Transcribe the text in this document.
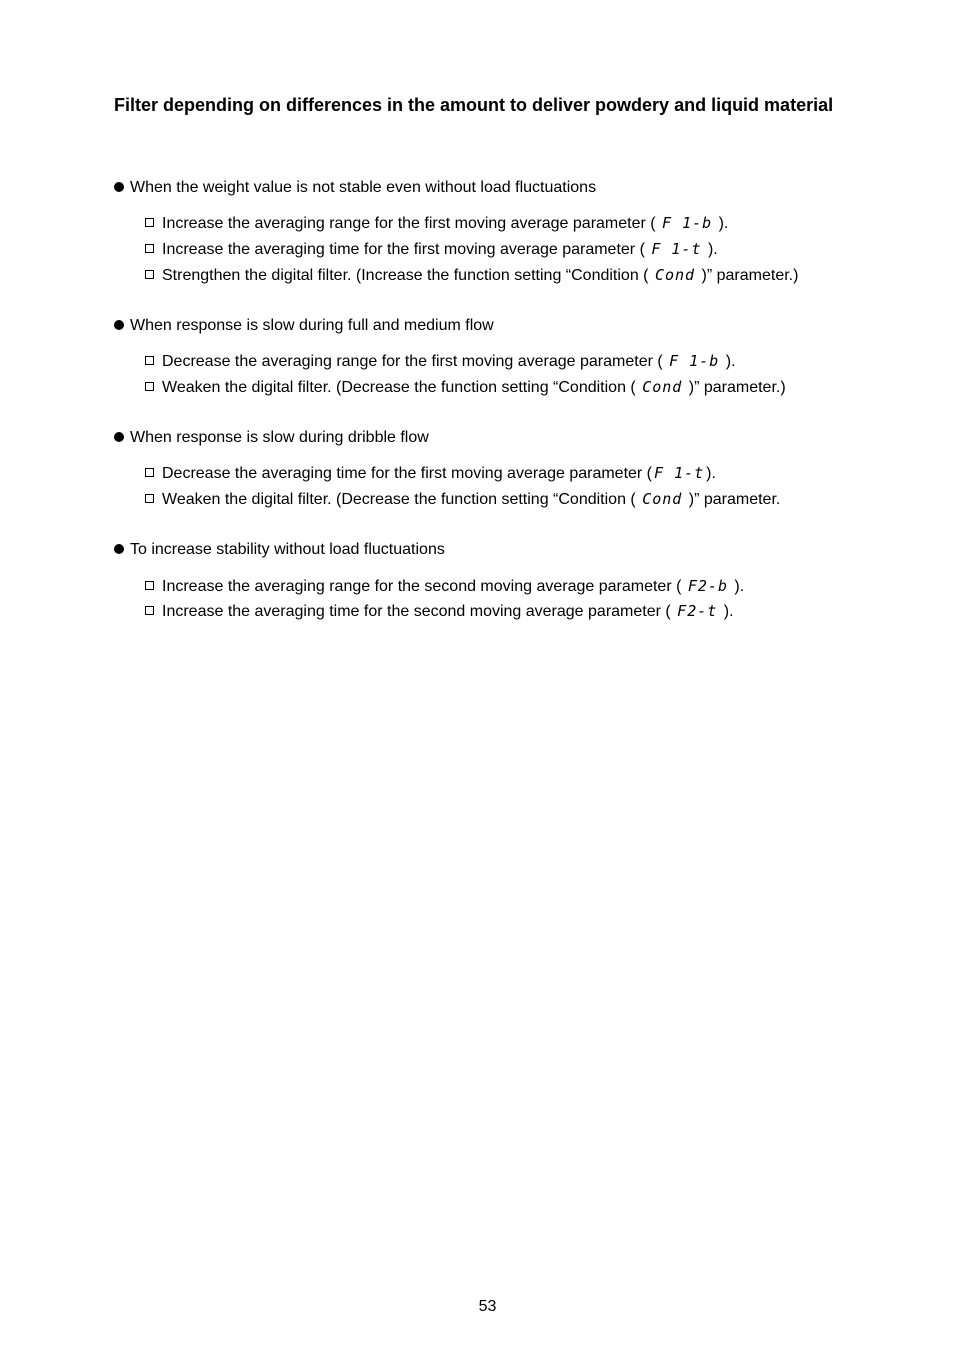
Filter depending on differences in the amount to deliver powdery and liquid material
When the weight value is not stable even without load fluctuations
Increase the averaging range for the first moving average parameter ( F 1-b ).
Increase the averaging time for the first moving average parameter ( F 1-t ).
Strengthen the digital filter. (Increase the function setting “Condition ( Cond )” parameter.)
When response is slow during full and medium flow
Decrease the averaging range for the first moving average parameter ( F 1-b ).
Weaken the digital filter. (Decrease the function setting “Condition ( Cond )” parameter.)
When response is slow during dribble flow
Decrease the averaging time for the first moving average parameter ( F 1-t ).
Weaken the digital filter. (Decrease the function setting “Condition ( Cond )” parameter.
To increase stability without load fluctuations
Increase the averaging range for the second moving average parameter ( F2-b ).
Increase the averaging time for the second moving average parameter ( F2-t ).
53
